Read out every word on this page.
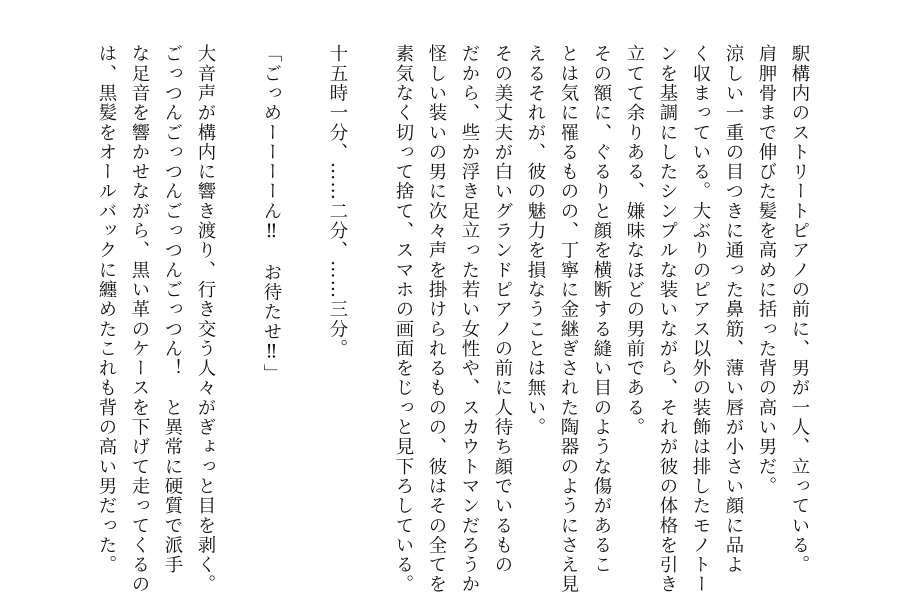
駅構内のストリートピアノの前に、男が一人、立っている。
肩胛骨まで伸びた髪を高めに括った背の高い男だ。
涼しい一重の目つきに通った鼻筋、薄い唇が小さい顔に品よ
く収まっている。大ぶりのピアス以外の装飾は排したモノトー
ンを基調にしたシンプルな装いながら、それが彼の体格を引き
立てて余りある、嫌味なほどの男前である。
その額に、ぐるりと顔を横断する縫い目のような傷があるこ
とは気に罹るものの、丁寧に金継ぎされた陶器のようにさえ見
えるそれが、彼の魅力を損なうことは無い。
その美丈夫が白いグランドピアノの前に人待ち顔でいるもの
だから、些か浮き足立った若い女性や、スカウトマンだろうか
怪しい装いの男に次々声を掛けられるものの、彼はその全てを
素気なく切って捨て、スマホの画面をじっと見下ろしている。
十五時一分、……二分、……三分。
「ごっめーーーーん‼　お待たせ‼」
大音声が構内に響き渡り、行き交う人々がぎょっと目を剥く。
ごっつんごっつんごっつんごっつん！　と異常に硬質で派手
な足音を響かせながら、黒い革のケースを下げて走ってくるの
は、黒髪をオールバックに纏めたこれも背の高い男だった。
